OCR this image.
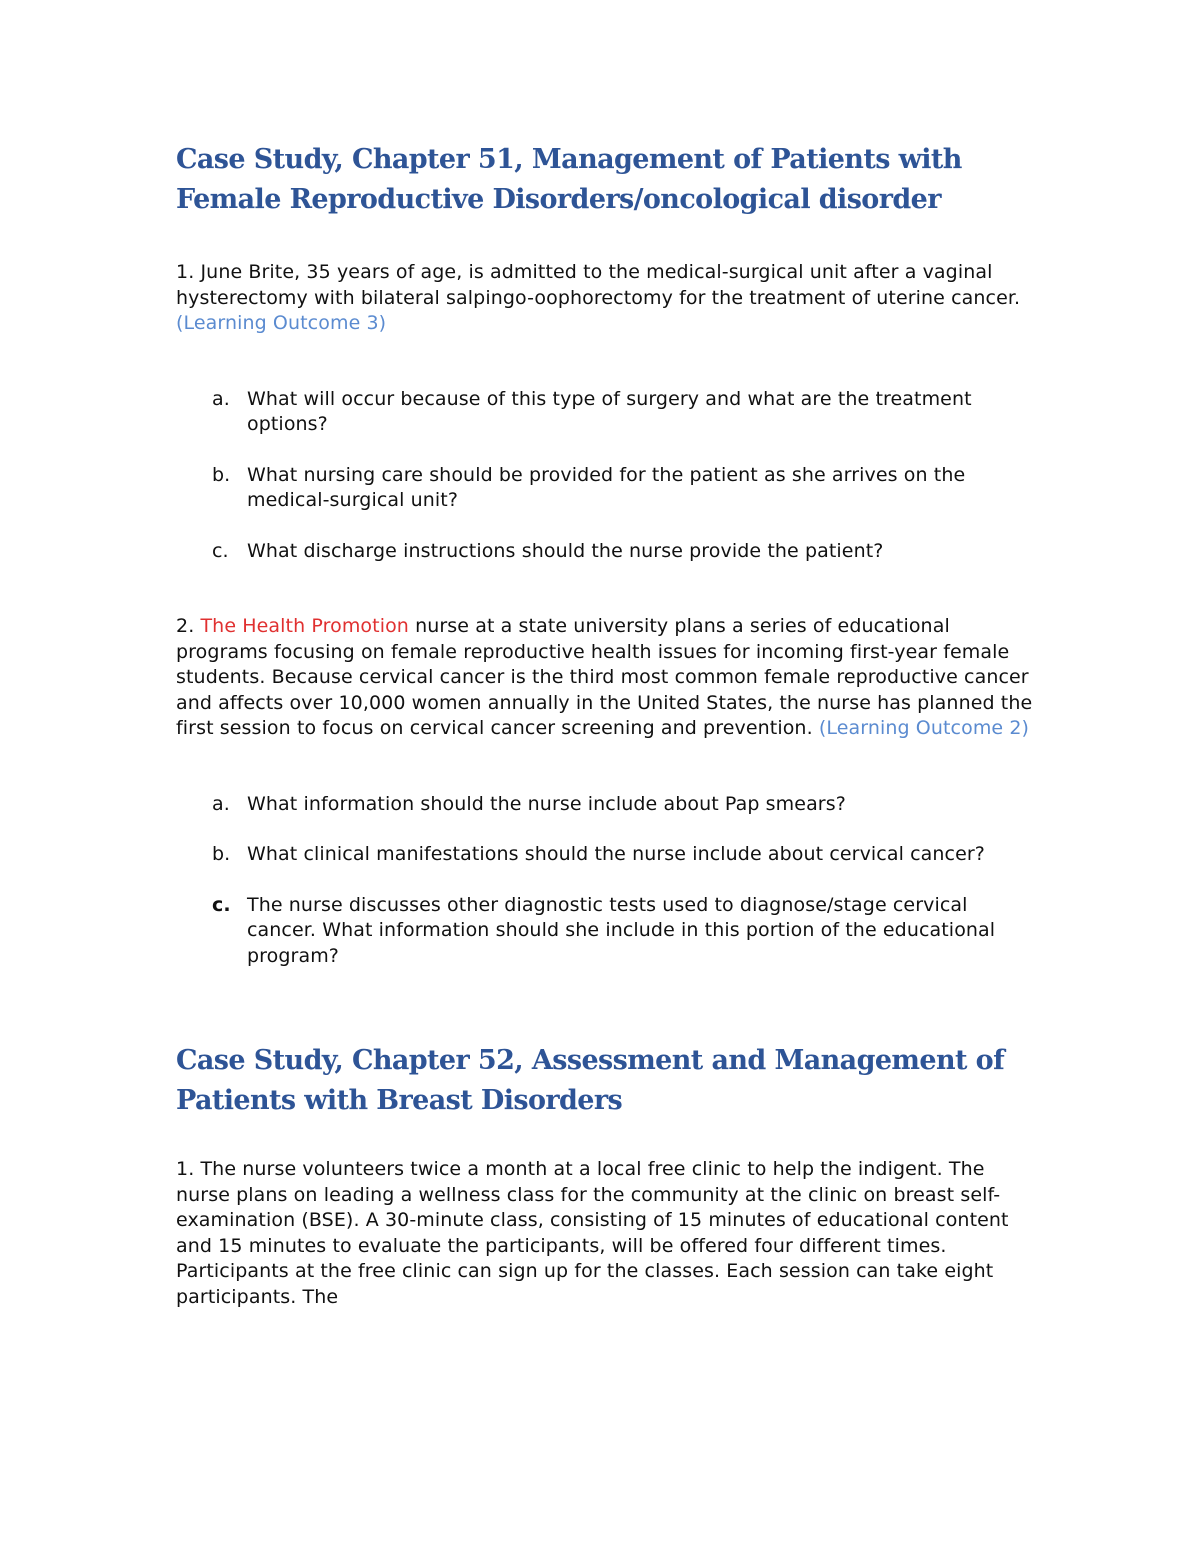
Case Study, Chapter 51, Management of Patients with Female Reproductive Disorders/oncological disorder

1. June Brite, 35 years of age, is admitted to the medical-surgical unit after a vaginal hysterectomy with bilateral salpingo-oophorectomy for the treatment of uterine cancer. (Learning Outcome 3)

a. What will occur because of this type of surgery and what are the treatment options?
b. What nursing care should be provided for the patient as she arrives on the medical-surgical unit?
c. What discharge instructions should the nurse provide the patient?

2. The Health Promotion nurse at a state university plans a series of educational programs focusing on female reproductive health issues for incoming first-year female students. Because cervical cancer is the third most common female reproductive cancer and affects over 10,000 women annually in the United States, the nurse has planned the first session to focus on cervical cancer screening and prevention. (Learning Outcome 2)

a. What information should the nurse include about Pap smears?
b. What clinical manifestations should the nurse include about cervical cancer?
c. The nurse discusses other diagnostic tests used to diagnose/stage cervical cancer. What information should she include in this portion of the educational program?
Case Study, Chapter 52, Assessment and Management of Patients with Breast Disorders

1. The nurse volunteers twice a month at a local free clinic to help the indigent. The nurse plans on leading a wellness class for the community at the clinic on breast self-examination (BSE). A 30-minute class, consisting of 15 minutes of educational content and 15 minutes to evaluate the participants, will be offered four different times. Participants at the free clinic can sign up for the classes. Each session can take eight participants. The
